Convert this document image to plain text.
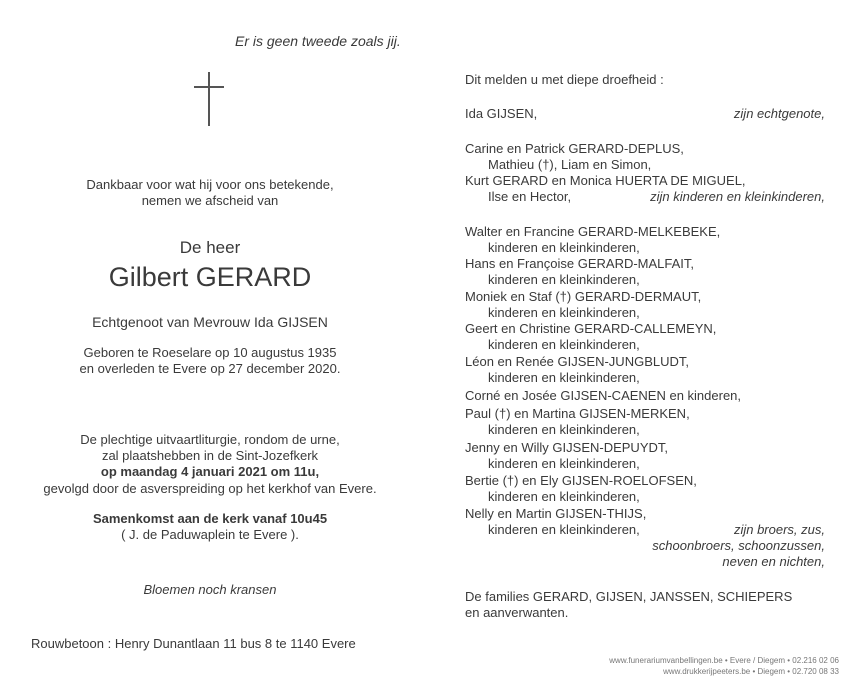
Er is geen tweede zoals jij.
Dankbaar voor wat hij voor ons betekende,
nemen we afscheid van
De heer
Gilbert GERARD
Echtgenoot van Mevrouw Ida GIJSEN
Geboren te Roeselare op 10 augustus 1935
en overleden te Evere op 27 december 2020.
De plechtige uitvaartliturgie, rondom de urne,
zal plaatshebben in de Sint-Jozefkerk
op maandag 4 januari 2021 om 11u,
gevolgd door de asverspreiding op het kerkhof van Evere.
Samenkomst aan de kerk vanaf 10u45
( J. de Paduwaplein te Evere ).
Bloemen noch kransen
Rouwbetoon : Henry Dunantlaan 11 bus 8 te 1140 Evere
Dit melden u met diepe droefheid :
Ida GIJSEN,	zijn echtgenote,
Carine en Patrick GERARD-DEPLUS,
Mathieu (†), Liam en Simon,
Kurt GERARD en Monica HUERTA DE MIGUEL,
Ilse en Hector,	zijn kinderen en kleinkinderen,
Walter en Francine GERARD-MELKEBEKE,
kinderen en kleinkinderen,
Hans en Françoise GERARD-MALFAIT,
kinderen en kleinkinderen,
Moniek en Staf (†) GERARD-DERMAUT,
kinderen en kleinkinderen,
Geert en Christine GERARD-CALLEMEYN,
kinderen en kleinkinderen,
Léon en Renée GIJSEN-JUNGBLUDT,
kinderen en kleinkinderen,
Corné en Josée GIJSEN-CAENEN en kinderen,
Paul (†) en Martina GIJSEN-MERKEN,
kinderen en kleinkinderen,
Jenny en Willy GIJSEN-DEPUYDT,
kinderen en kleinkinderen,
Bertie (†) en Ely GIJSEN-ROELOFSEN,
kinderen en kleinkinderen,
Nelly en Martin GIJSEN-THIJS,
kinderen en kleinkinderen,	zijn broers, zus,
schoonbroers, schoonzussen,
neven en nichten,
De families GERARD, GIJSEN, JANSSEN, SCHIEPERS
en aanverwanten.
www.funerariumvanbellingen.be • Evere / Diegem • 02.216 02 06
www.drukkerijpeeters.be • Diegem • 02.720 08 33
